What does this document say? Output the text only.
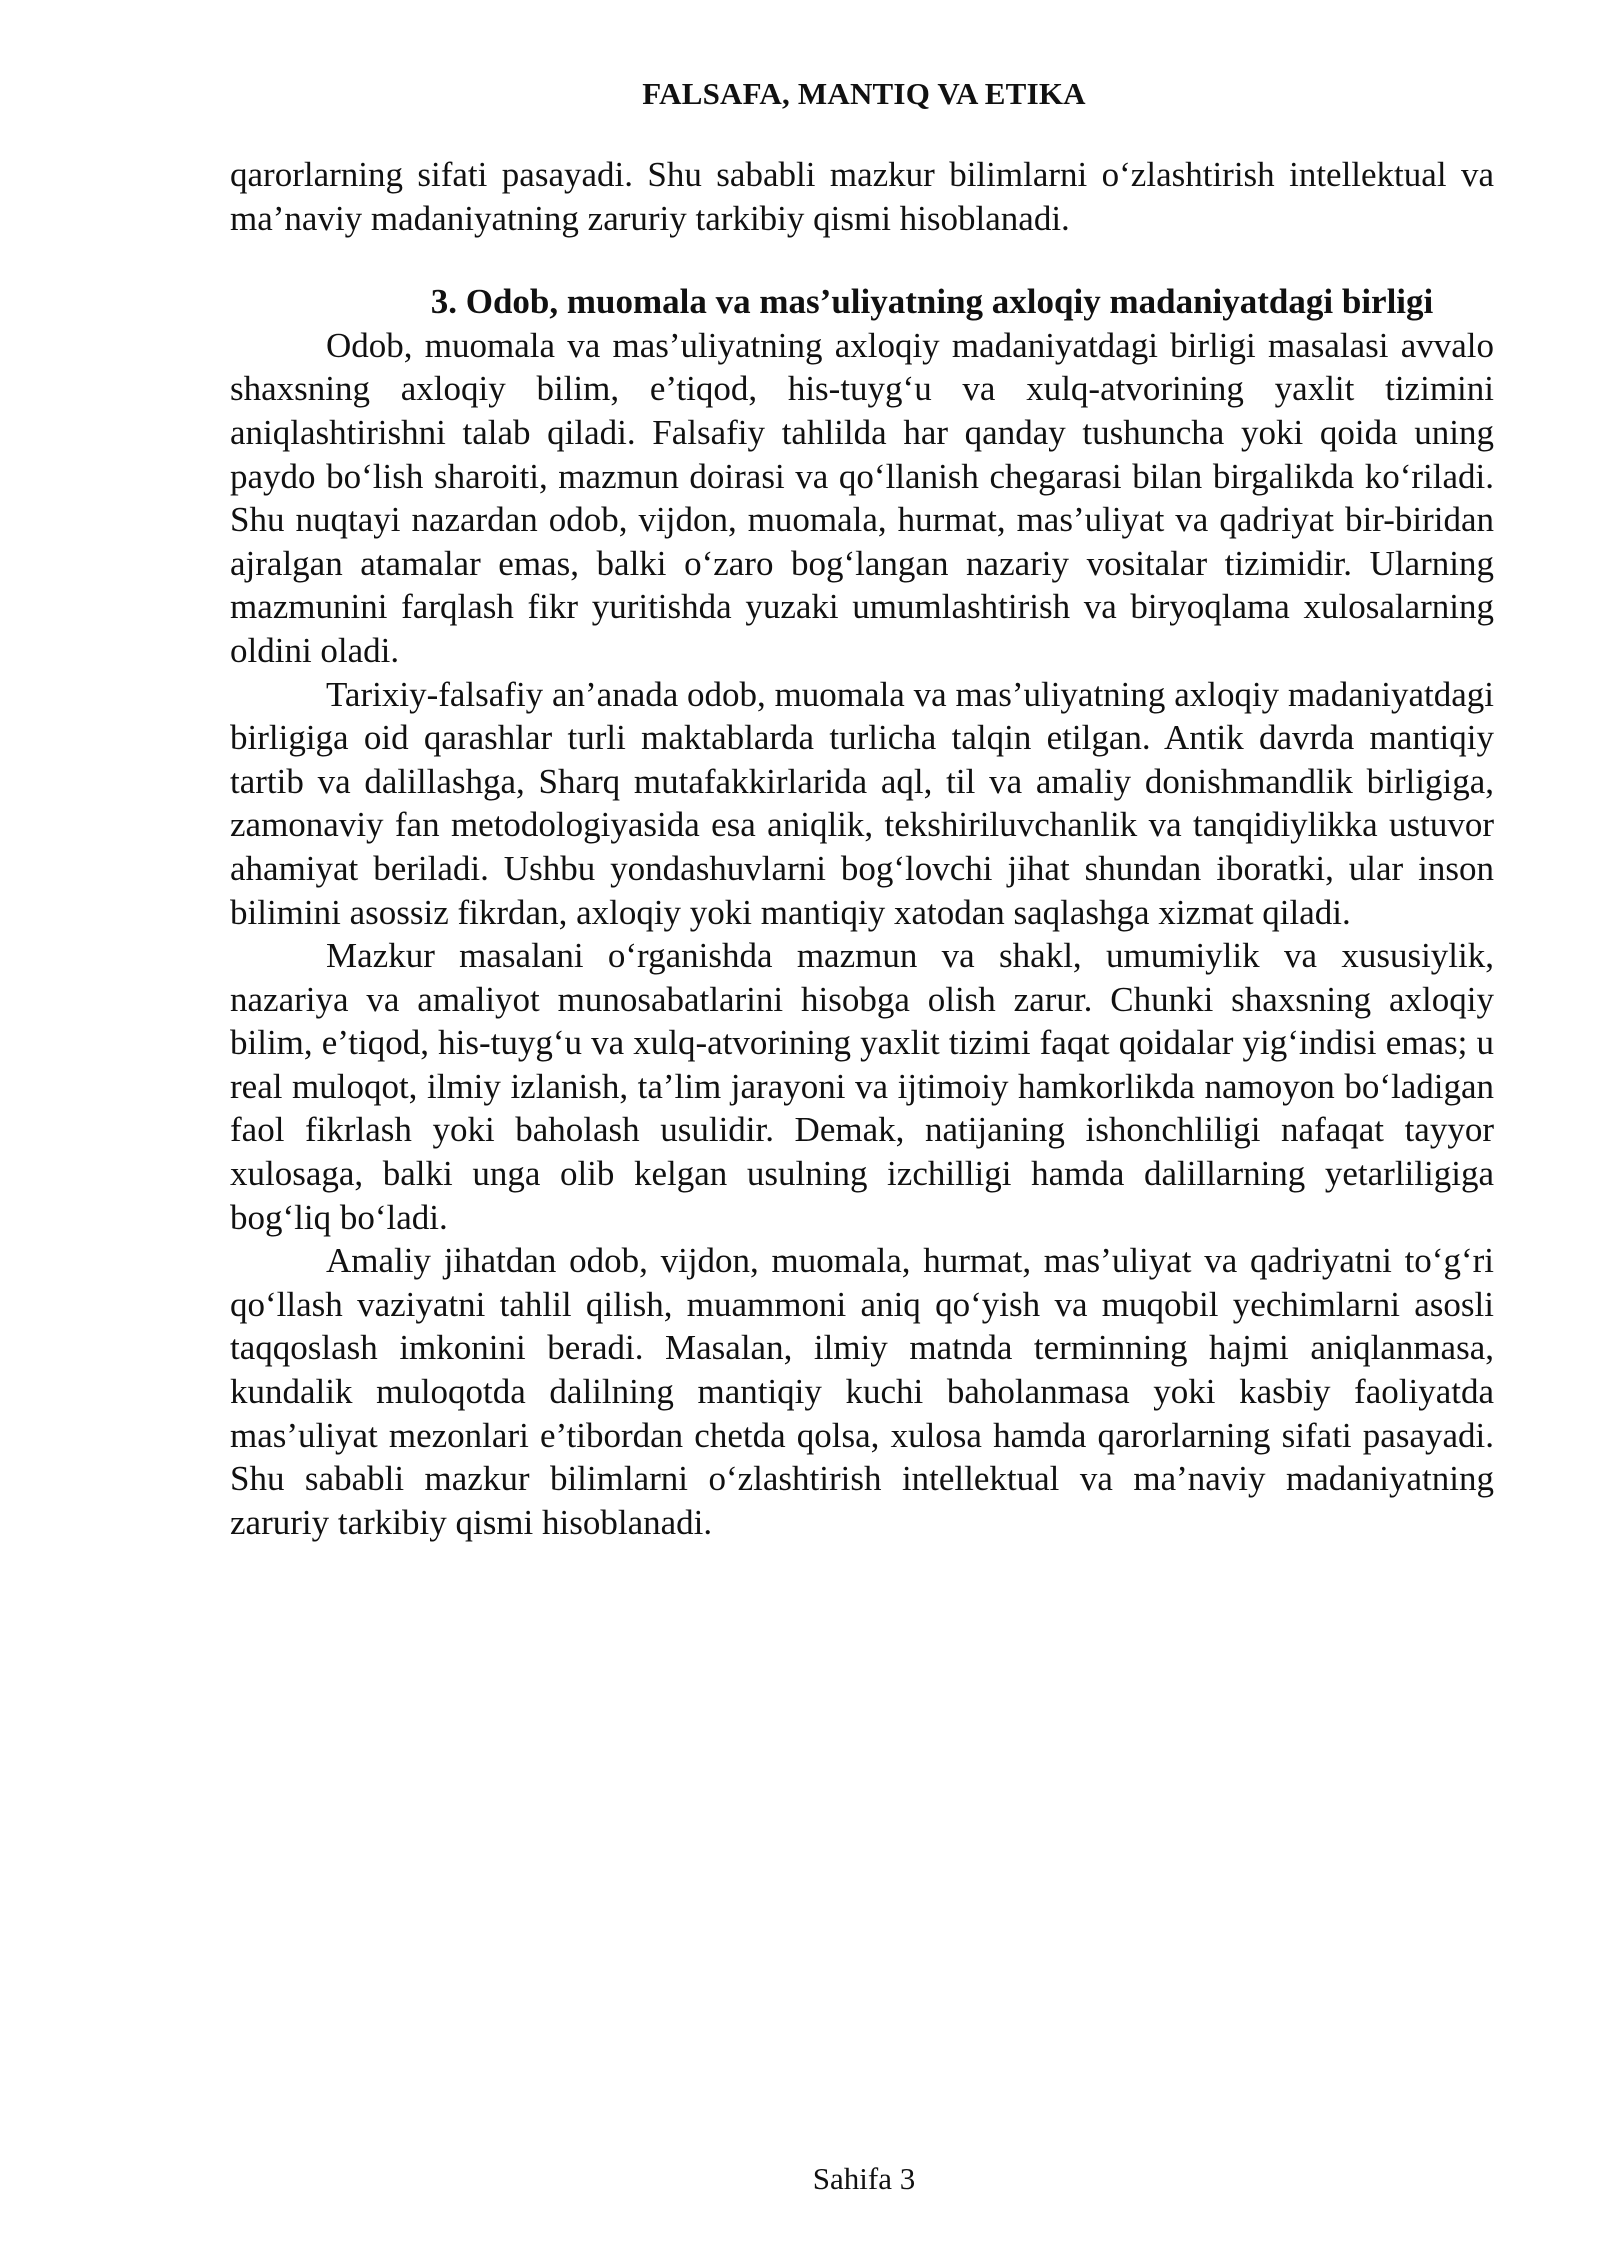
FALSAFA, MANTIQ VA ETIKA

qarorlarning sifati pasayadi. Shu sababli mazkur bilimlarni o‘zlashtirish intellektual va ma’naviy madaniyatning zaruriy tarkibiy qismi hisoblanadi.

3. Odob, muomala va mas’uliyatning axloqiy madaniyatdagi birligi

Odob, muomala va mas’uliyatning axloqiy madaniyatdagi birligi masalasi avvalo shaxsning axloqiy bilim, e’tiqod, his-tuyg‘u va xulq-atvorining yaxlit tizimini aniqlashtirishni talab qiladi. Falsafiy tahlilda har qanday tushuncha yoki qoida uning paydo bo‘lish sharoiti, mazmun doirasi va qo‘llanish chegarasi bilan birgalikda ko‘riladi. Shu nuqtayi nazardan odob, vijdon, muomala, hurmat, mas’uliyat va qadriyat bir-biridan ajralgan atamalar emas, balki o‘zaro bog‘langan nazariy vositalar tizimidir. Ularning mazmunini farqlash fikr yuritishda yuzaki umumlashtirish va biryoqlama xulosalarning oldini oladi.

Tarixiy-falsafiy an’anada odob, muomala va mas’uliyatning axloqiy madaniyatdagi birligiga oid qarashlar turli maktablarda turlicha talqin etilgan. Antik davrda mantiqiy tartib va dalillashga, Sharq mutafakkirlarida aql, til va amaliy donishmandlik birligiga, zamonaviy fan metodologiyasida esa aniqlik, tekshiriluvchanlik va tanqidiylikka ustuvor ahamiyat beriladi. Ushbu yondashuvlarni bog‘lovchi jihat shundan iboratki, ular inson bilimini asossiz fikrdan, axloqiy yoki mantiqiy xatodan saqlashga xizmat qiladi.

Mazkur masalani o‘rganishda mazmun va shakl, umumiylik va xususiylik, nazariya va amaliyot munosabatlarini hisobga olish zarur. Chunki shaxsning axloqiy bilim, e’tiqod, his-tuyg‘u va xulq-atvorining yaxlit tizimi faqat qoidalar yig‘indisi emas; u real muloqot, ilmiy izlanish, ta’lim jarayoni va ijtimoiy hamkorlikda namoyon bo‘ladigan faol fikrlash yoki baholash usulidir. Demak, natijaning ishonchliligi nafaqat tayyor xulosaga, balki unga olib kelgan usulning izchilligi hamda dalillarning yetarliligiga bog‘liq bo‘ladi.

Amaliy jihatdan odob, vijdon, muomala, hurmat, mas’uliyat va qadriyatni to‘g‘ri qo‘llash vaziyatni tahlil qilish, muammoni aniq qo‘yish va muqobil yechimlarni asosli taqqoslash imkonini beradi. Masalan, ilmiy matnda terminning hajmi aniqlanmasa, kundalik muloqotda dalilning mantiqiy kuchi baholanmasa yoki kasbiy faoliyatda mas’uliyat mezonlari e’tibordan chetda qolsa, xulosa hamda qarorlarning sifati pasayadi. Shu sababli mazkur bilimlarni o‘zlashtirish intellektual va ma’naviy madaniyatning zaruriy tarkibiy qismi hisoblanadi.

Sahifa 3
